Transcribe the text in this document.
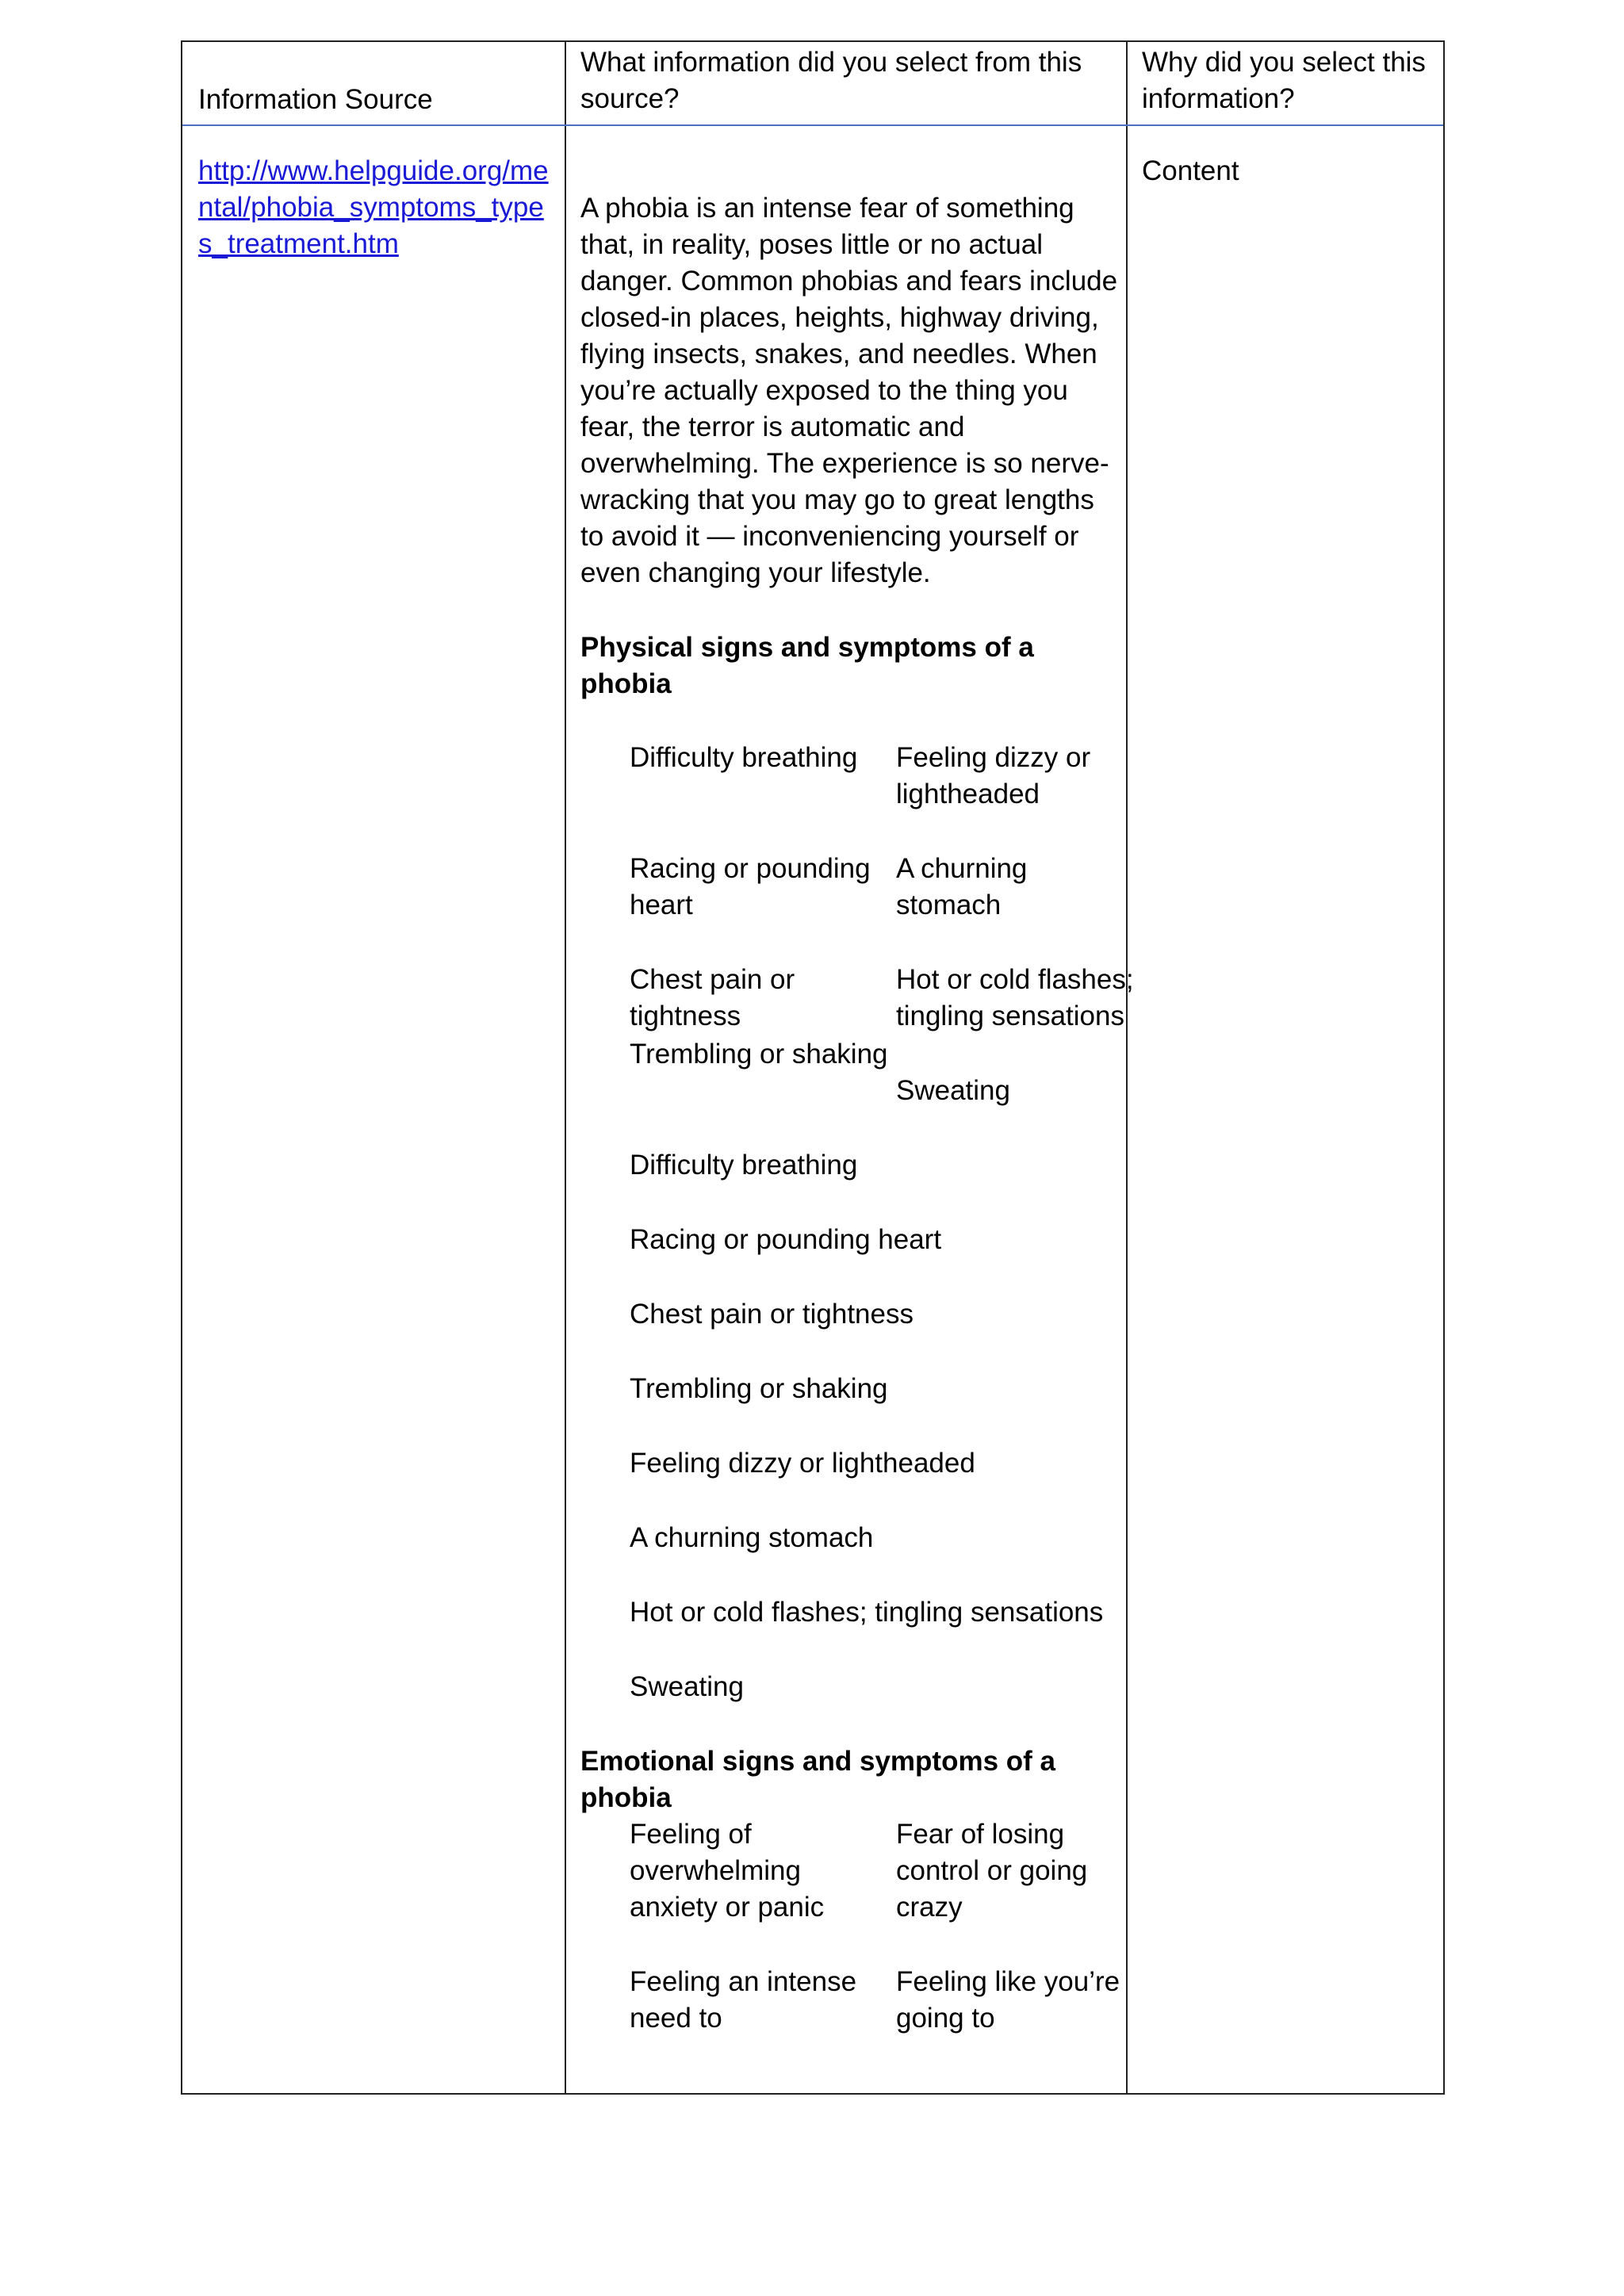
Information Source
What information did you select from this source?
Why did you select this information?
http://www.helpguide.org/mental/phobia_symptoms_types_treatment.htm
Content

A phobia is an intense fear of something that, in reality, poses little or no actual danger. Common phobias and fears include closed-in places, heights, highway driving, flying insects, snakes, and needles. When you’re actually exposed to the thing you fear, the terror is automatic and overwhelming. The experience is so nerve-wracking that you may go to great lengths to avoid it — inconveniencing yourself or even changing your lifestyle.

Physical signs and symptoms of a phobia

Difficulty breathing	Feeling dizzy or lightheaded
Racing or pounding heart
A churning stomach
Chest pain or tightness
Hot or cold flashes; tingling sensations
Trembling or shaking
Sweating
Difficulty breathing
Racing or pounding heart
Chest pain or tightness
Trembling or shaking
Feeling dizzy or lightheaded
A churning stomach
Hot or cold flashes; tingling sensations
Sweating

Emotional signs and symptoms of a phobia

Feeling of overwhelming anxiety or panic
Fear of losing control or going crazy
Feeling an intense need to
Feeling like you’re going to
